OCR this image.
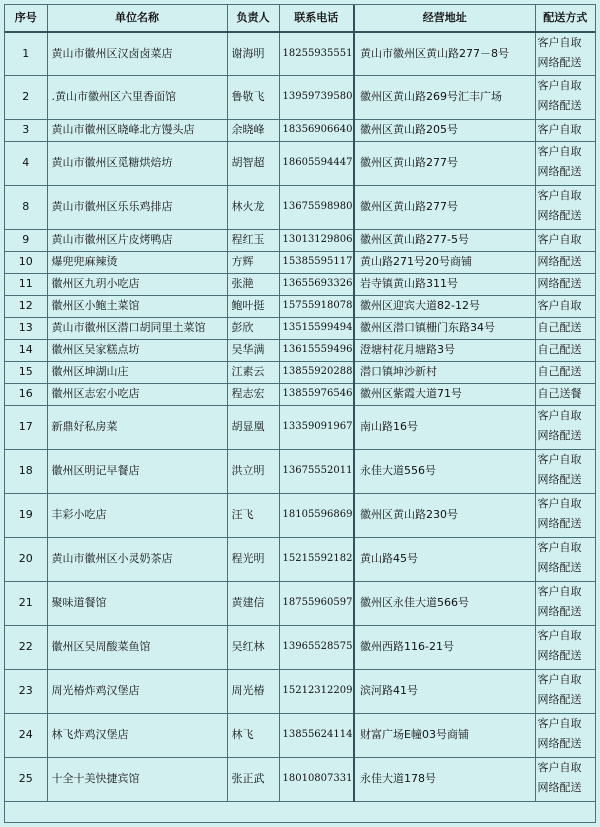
序号	单位名称	负责人	联系电话	经营地址	配送方式
1	黄山市徽州区汉卤卤菜店	谢海明	18255935551	黄山市徽州区黄山路277－8号	客户自取
网络配送

2	.黄山市徽州区六里香面馆	鲁敬飞	13959739580	徽州区黄山路269号汇丰广场	客户自取
网络配送

3	黄山市徽州区晓峰北方馒头店	余晓峰	18356906640	徽州区黄山路205号	客户自取

4	黄山市徽州区觅糖烘焙坊	胡智超	18605594447	徽州区黄山路277号	客户自取
网络配送

8	黄山市徽州区乐乐鸡排店	林火龙	13675598980	徽州区黄山路277号	客户自取
网络配送

9	黄山市徽州区片皮烤鸭店	程红玉	13013129806	徽州区黄山路277-5号	客户自取

10	爆兜兜麻辣烫	方辉	15385595117	黄山路271号20号商铺	网络配送

11	徽州区九玥小吃店	张滟	13655693326	岩寺镇黄山路311号	网络配送

12	徽州区小鲍土菜馆	鲍叶挺	15755918078	徽州区迎宾大道82-12号	客户自取

13	黄山市徽州区潜口胡同里土菜馆	彭欣	13515599494	徽州区潜口镇栅门东路34号	自己配送

14	徽州区吴家糕点坊	吴华满	13615559496	澄塘村花月塘路3号	自己配送

15	徽州区坤湖山庄	江素云	13855920288	潜口镇坤沙新村	自己配送

16	徽州区志宏小吃店	程志宏	13855976546	徽州区紫霞大道71号	自己送餐

17	新鼎好私房菜	胡显凰	13359091967	南山路16号	客户自取
网络配送

18	徽州区明记早餐店	洪立明	13675552011	永佳大道556号	客户自取
网络配送

19	丰彩小吃店	汪飞	18105596869	徽州区黄山路230号	客户自取
网络配送

20	黄山市徽州区小灵奶茶店	程光明	15215592182	黄山路45号	客户自取
网络配送

21	聚味道餐馆	黄建信	18755960597	徽州区永佳大道566号	客户自取
网络配送

22	徽州区吴周酸菜鱼馆	吴红林	13965528575	徽州西路116-21号	客户自取
网络配送

23	周光椿炸鸡汉堡店	周光椿	15212312209	滨河路41号	客户自取
网络配送

24	林飞炸鸡汉堡店	林飞	13855624114	财富广场E幢03号商铺	客户自取
网络配送

25	十全十美快捷宾馆	张正武	18010807331	永佳大道178号	客户自取
网络配送
